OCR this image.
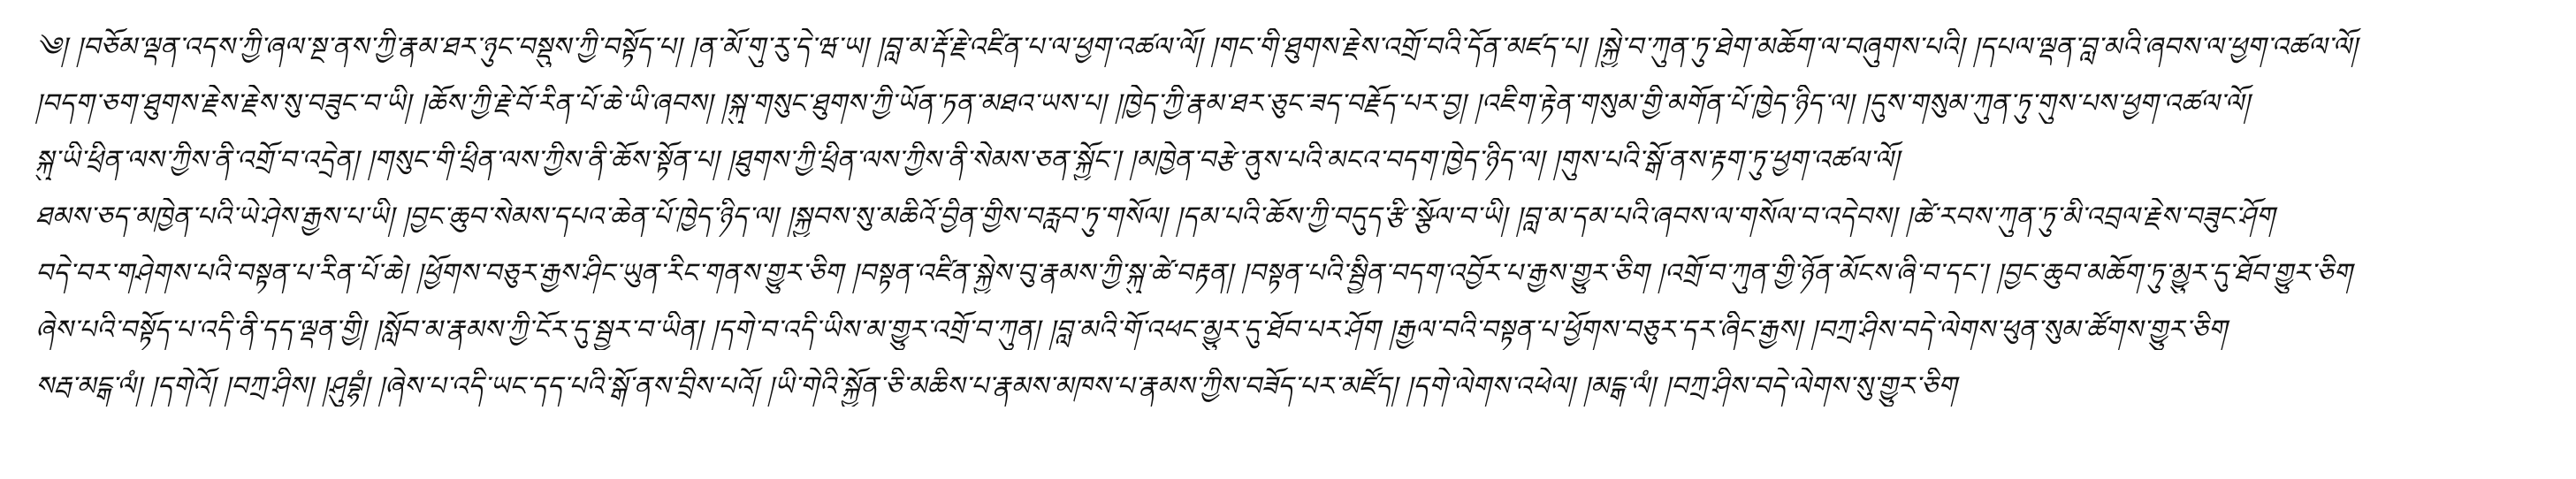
༄། །བཅོམ་ལྡན་འདས་ཀྱི་ཞལ་སྔ་ནས་ཀྱི་རྣམ་ཐར་ཉུང་བསྡུས་ཀྱི་བསྟོད་པ། །ན་མོ་གུ་རུ་དེ་ཝ་ཡ། །བླ་མ་རྡོ་རྗེ་འཛིན་པ་ལ་ཕྱག་འཚལ་ལོ། །གང་གི་ཐུགས་རྗེས་འགྲོ་བའི་དོན་མཛད་པ། །སྐྱེ་བ་ཀུན་ཏུ་ཐེག་མཆོག་ལ་བཞུགས་པའི། །དཔལ་ལྡན་བླ་མའི་ཞབས་ལ་ཕྱག་འཚལ་ལོ།
།བདག་ཅག་ཐུགས་རྗེས་རྗེས་སུ་བཟུང་བ་ཡི། །ཆོས་ཀྱི་རྗེ་བོ་རིན་པོ་ཆེ་ཡི་ཞབས། །སྐུ་གསུང་ཐུགས་ཀྱི་ཡོན་ཏན་མཐའ་ཡས་པ། །ཁྱེད་ཀྱི་རྣམ་ཐར་ཅུང་ཟད་བརྗོད་པར་བྱ། །འཇིག་རྟེན་གསུམ་གྱི་མགོན་པོ་ཁྱེད་ཉིད་ལ། །དུས་གསུམ་ཀུན་ཏུ་གུས་པས་ཕྱག་འཚལ་ལོ།
སྐུ་ཡི་ཕྲིན་ལས་ཀྱིས་ནི་འགྲོ་བ་འདྲེན། །གསུང་གི་ཕྲིན་ལས་ཀྱིས་ནི་ཆོས་སྟོན་པ། །ཐུགས་ཀྱི་ཕྲིན་ལས་ཀྱིས་ནི་སེམས་ཅན་སྐྱོང་། །མཁྱེན་བརྩེ་ནུས་པའི་མངའ་བདག་ཁྱེད་ཉིད་ལ། །གུས་པའི་སྒོ་ནས་རྟག་ཏུ་ཕྱག་འཚལ་ལོ།
ཐམས་ཅད་མཁྱེན་པའི་ཡེ་ཤེས་རྒྱས་པ་ཡི། །བྱང་ཆུབ་སེམས་དཔའ་ཆེན་པོ་ཁྱེད་ཉིད་ལ། །སྐྱབས་སུ་མཆིའོ་བྱིན་གྱིས་བརླབ་ཏུ་གསོལ། །དམ་པའི་ཆོས་ཀྱི་བདུད་རྩི་སྩོལ་བ་ཡི། །བླ་མ་དམ་པའི་ཞབས་ལ་གསོལ་བ་འདེབས། །ཚེ་རབས་ཀུན་ཏུ་མི་འབྲལ་རྗེས་བཟུང་ཤོག
བདེ་བར་གཤེགས་པའི་བསྟན་པ་རིན་པོ་ཆེ། །ཕྱོགས་བཅུར་རྒྱས་ཤིང་ཡུན་རིང་གནས་གྱུར་ཅིག །བསྟན་འཛིན་སྐྱེས་བུ་རྣམས་ཀྱི་སྐུ་ཚེ་བརྟན། །བསྟན་པའི་སྦྱིན་བདག་འབྱོར་པ་རྒྱས་གྱུར་ཅིག །འགྲོ་བ་ཀུན་གྱི་ཉོན་མོངས་ཞི་བ་དང་། །བྱང་ཆུབ་མཆོག་ཏུ་མྱུར་དུ་ཐོབ་གྱུར་ཅིག
ཞེས་པའི་བསྟོད་པ་འདི་ནི་དད་ལྡན་གྱི། །སློབ་མ་རྣམས་ཀྱི་ངོར་དུ་སྦྱར་བ་ཡིན། །དགེ་བ་འདི་ཡིས་མ་གྱུར་འགྲོ་བ་ཀུན། །བླ་མའི་གོ་འཕང་མྱུར་དུ་ཐོབ་པར་ཤོག །རྒྱལ་བའི་བསྟན་པ་ཕྱོགས་བཅུར་དར་ཞིང་རྒྱས། །བཀྲ་ཤིས་བདེ་ལེགས་ཕུན་སུམ་ཚོགས་གྱུར་ཅིག
སརྦ་མངྒ་ལཾ། །དགེའོ། །བཀྲ་ཤིས། །ཤུབྷཾ། །ཞེས་པ་འདི་ཡང་དད་པའི་སྒོ་ནས་བྲིས་པའོ། །ཡི་གེའི་སྐྱོན་ཅི་མཆིས་པ་རྣམས་མཁས་པ་རྣམས་ཀྱིས་བཟོད་པར་མཛོད། །དགེ་ལེགས་འཕེལ། །མངྒ་ལཾ། །བཀྲ་ཤིས་བདེ་ལེགས་སུ་གྱུར་ཅིག
